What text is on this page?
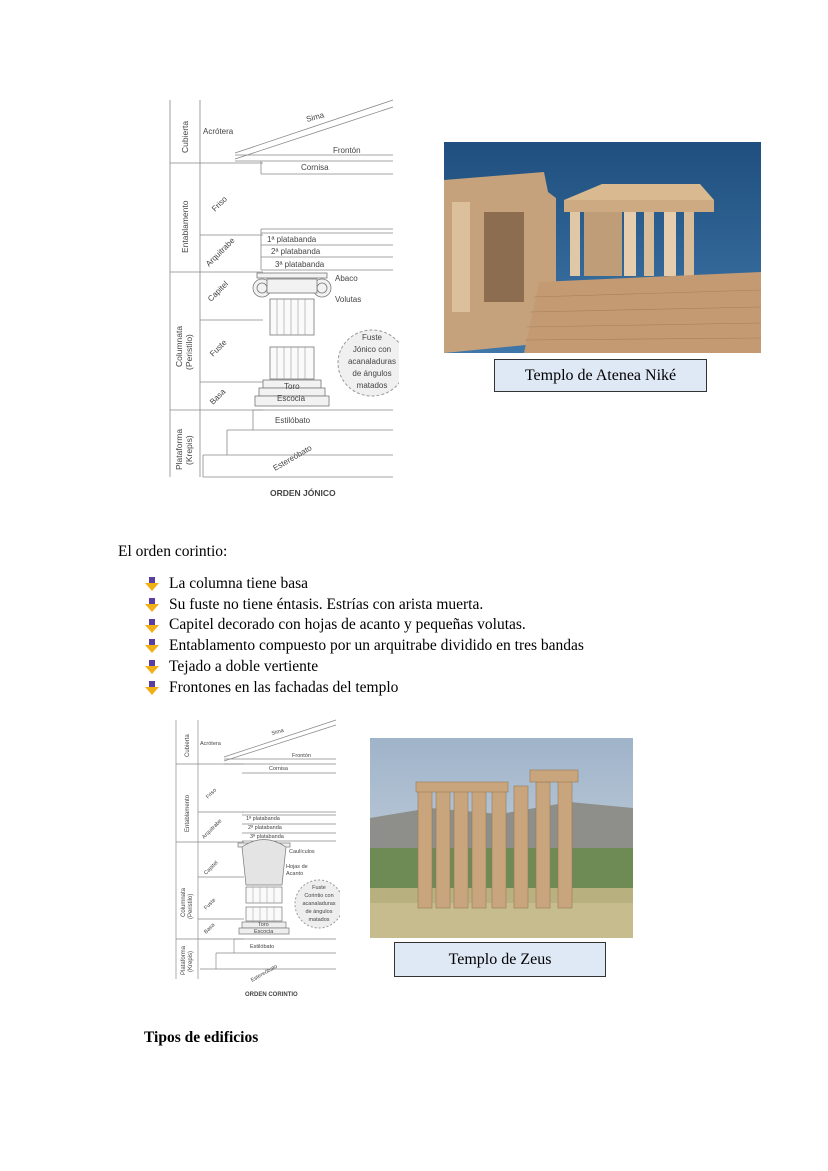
Cubierta
Entablamento
Columnata (Peristilo)
Plataforma (Krepis)
Friso
Arquitrabe
Capitel
Fuste
Basa
Acrótera
Sima
Frontón
Cornisa
1ª platabanda
2ª platabanda
3ª platabanda
Abaco
Volutas
Toro
Escocia
Estilóbato
Estereóbato
Fuste
Jónico con
acanaladuras
de ángulos
matados
ORDEN JÓNICO
Templo de Atenea Niké
El orden corintio:
La columna tiene basa
Su fuste no tiene éntasis. Estrías con arista muerta.
Capitel decorado con hojas de acanto y pequeñas volutas.
Entablamento compuesto por un arquitrabe dividido en tres bandas
Tejado a doble vertiente
Frontones en las fachadas del templo
Cubierta
Entablamento
Columnata (Peristilo)
Plataforma (Krepis)
Friso
Arquitrabe
Capitel
Fuste
Basa
Acrótera
Sima
Frontón
Cornisa
1ª platabanda
2ª platabanda
3ª platabanda
Caulículos
Hojas de
Acanto
Toro
Escocia
Estilóbato
Estereóbato
Fuste
Corintio con
acanaladuras
de ángulos
matados
ORDEN CORINTIO
Templo de Zeus
Tipos de edificios
